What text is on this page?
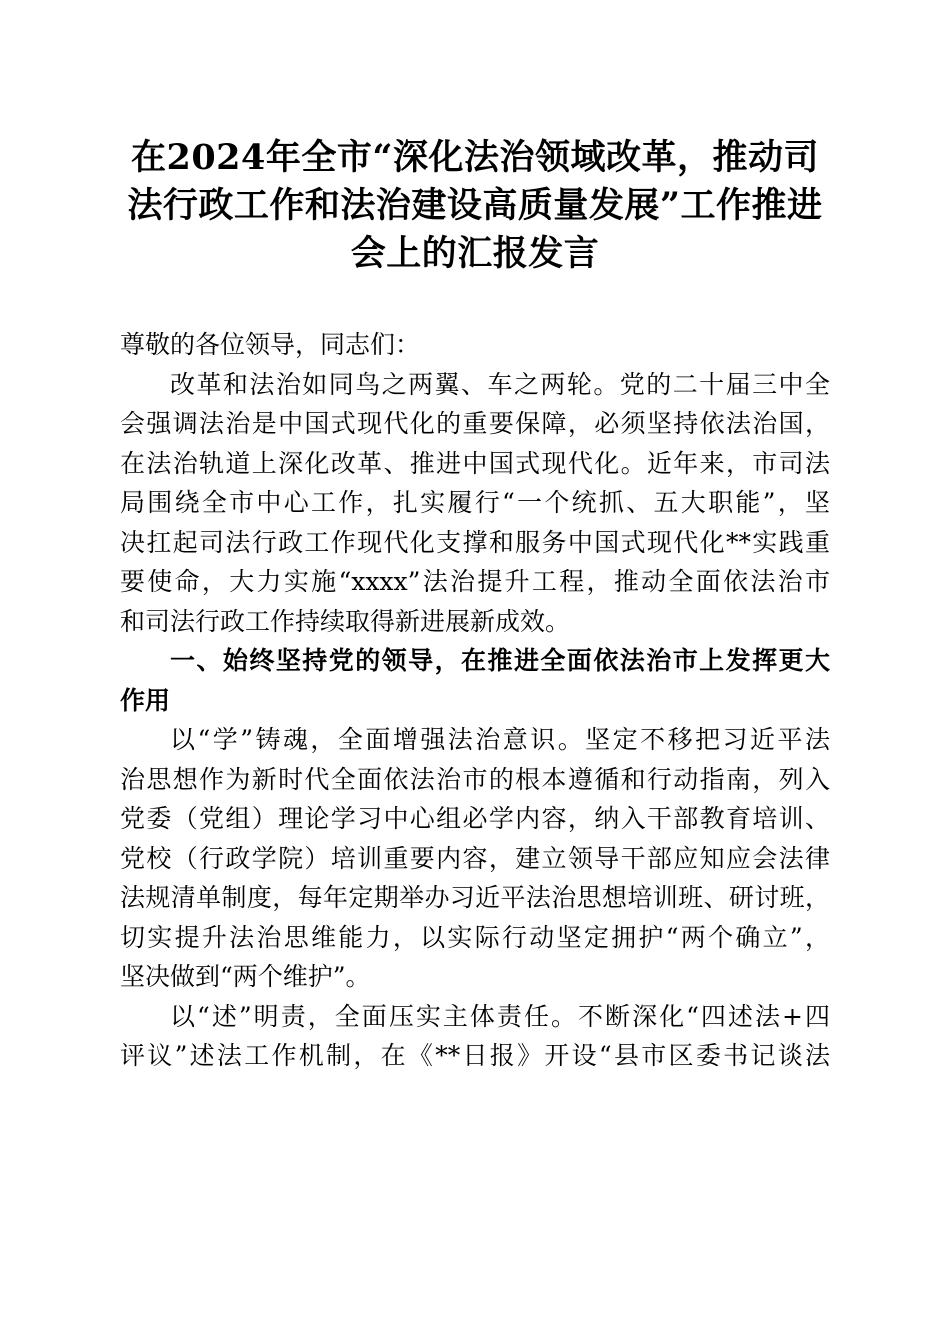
在2024年全市“深化法治领域改革，推动司
法行政工作和法治建设高质量发展”工作推进
会上的汇报发言
尊敬的各位领导，同志们：
改革和法治如同鸟之两翼、车之两轮。党的二十届三中全
会强调法治是中国式现代化的重要保障，必须坚持依法治国，
在法治轨道上深化改革、推进中国式现代化。近年来，市司法
局围绕全市中心工作，扎实履行“一个统抓、五大职能”，坚
决扛起司法行政工作现代化支撑和服务中国式现代化**实践重
要使命，大力实施“xxxx”法治提升工程，推动全面依法治市
和司法行政工作持续取得新进展新成效。
一、始终坚持党的领导，在推进全面依法治市上发挥更大
作用
以“学”铸魂，全面增强法治意识。坚定不移把习近平法
治思想作为新时代全面依法治市的根本遵循和行动指南，列入
党委（党组）理论学习中心组必学内容，纳入干部教育培训、
党校（行政学院）培训重要内容，建立领导干部应知应会法律
法规清单制度，每年定期举办习近平法治思想培训班、研讨班，
切实提升法治思维能力，以实际行动坚定拥护“两个确立”，
坚决做到“两个维护”。
以“述”明责，全面压实主体责任。不断深化“四述法+四
评议”述法工作机制，在《**日报》开设“县市区委书记谈法
